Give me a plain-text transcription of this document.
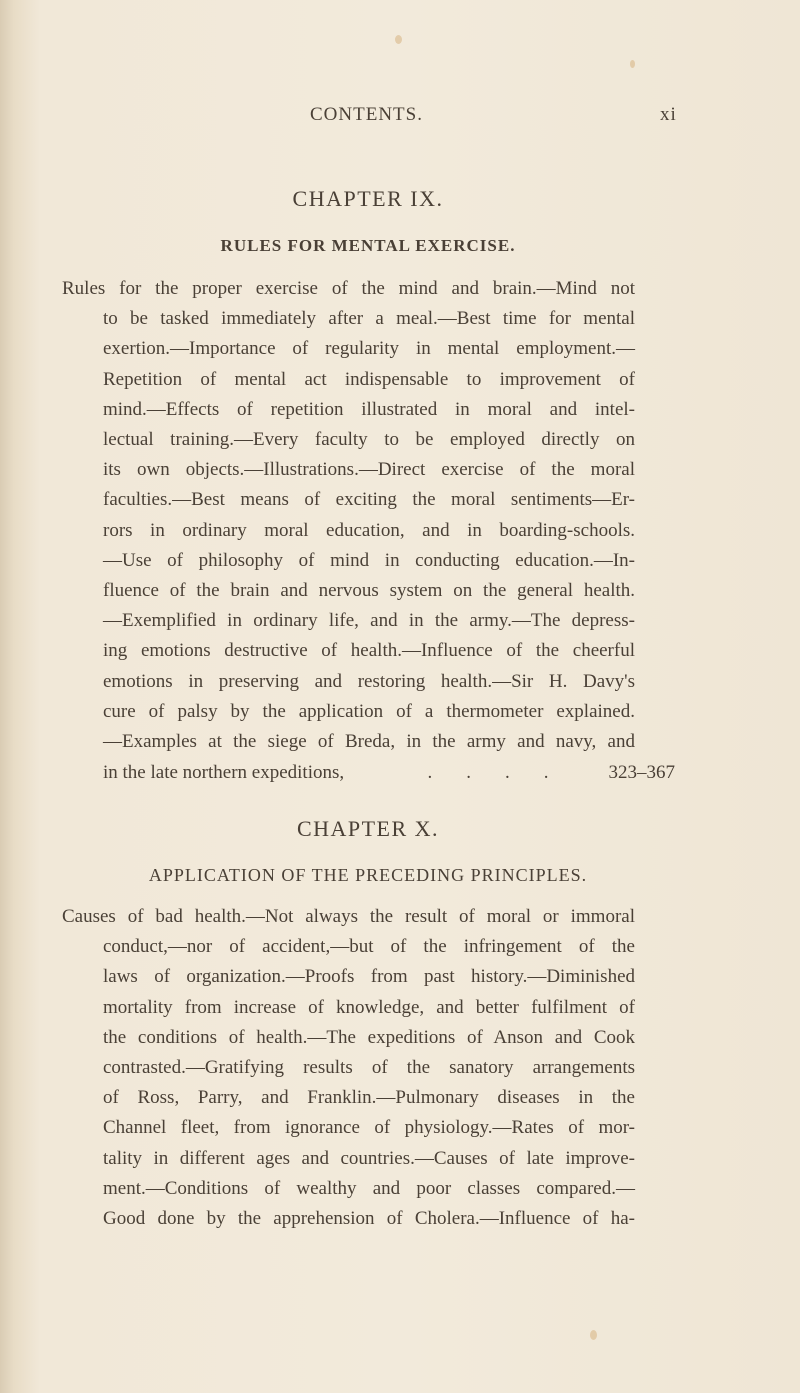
CONTENTS.	xi
CHAPTER IX.
RULES FOR MENTAL EXERCISE.
Rules for the proper exercise of the mind and brain.—Mind not
to be tasked immediately after a meal.—Best time for mental
exertion.—Importance of regularity in mental employment.—
Repetition of mental act indispensable to improvement of
mind.—Effects of repetition illustrated in moral and intel-
lectual training.—Every faculty to be employed directly on
its own objects.—Illustrations.—Direct exercise of the moral
faculties.—Best means of exciting the moral sentiments—Er-
rors in ordinary moral education, and in boarding-schools.
—Use of philosophy of mind in conducting education.—In-
fluence of the brain and nervous system on the general health.
—Exemplified in ordinary life, and in the army.—The depress-
ing emotions destructive of health.—Influence of the cheerful
emotions in preserving and restoring health.—Sir H. Davy's
cure of palsy by the application of a thermometer explained.
—Examples at the siege of Breda, in the army and navy, and
in the late northern expeditions,	. . . .	323–367
CHAPTER X.
APPLICATION OF THE PRECEDING PRINCIPLES.
Causes of bad health.—Not always the result of moral or immoral
conduct,—nor of accident,—but of the infringement of the
laws of organization.—Proofs from past history.—Diminished
mortality from increase of knowledge, and better fulfilment of
the conditions of health.—The expeditions of Anson and Cook
contrasted.—Gratifying results of the sanatory arrangements
of Ross, Parry, and Franklin.—Pulmonary diseases in the
Channel fleet, from ignorance of physiology.—Rates of mor-
tality in different ages and countries.—Causes of late improve-
ment.—Conditions of wealthy and poor classes compared.—
Good done by the apprehension of Cholera.—Influence of ha-
